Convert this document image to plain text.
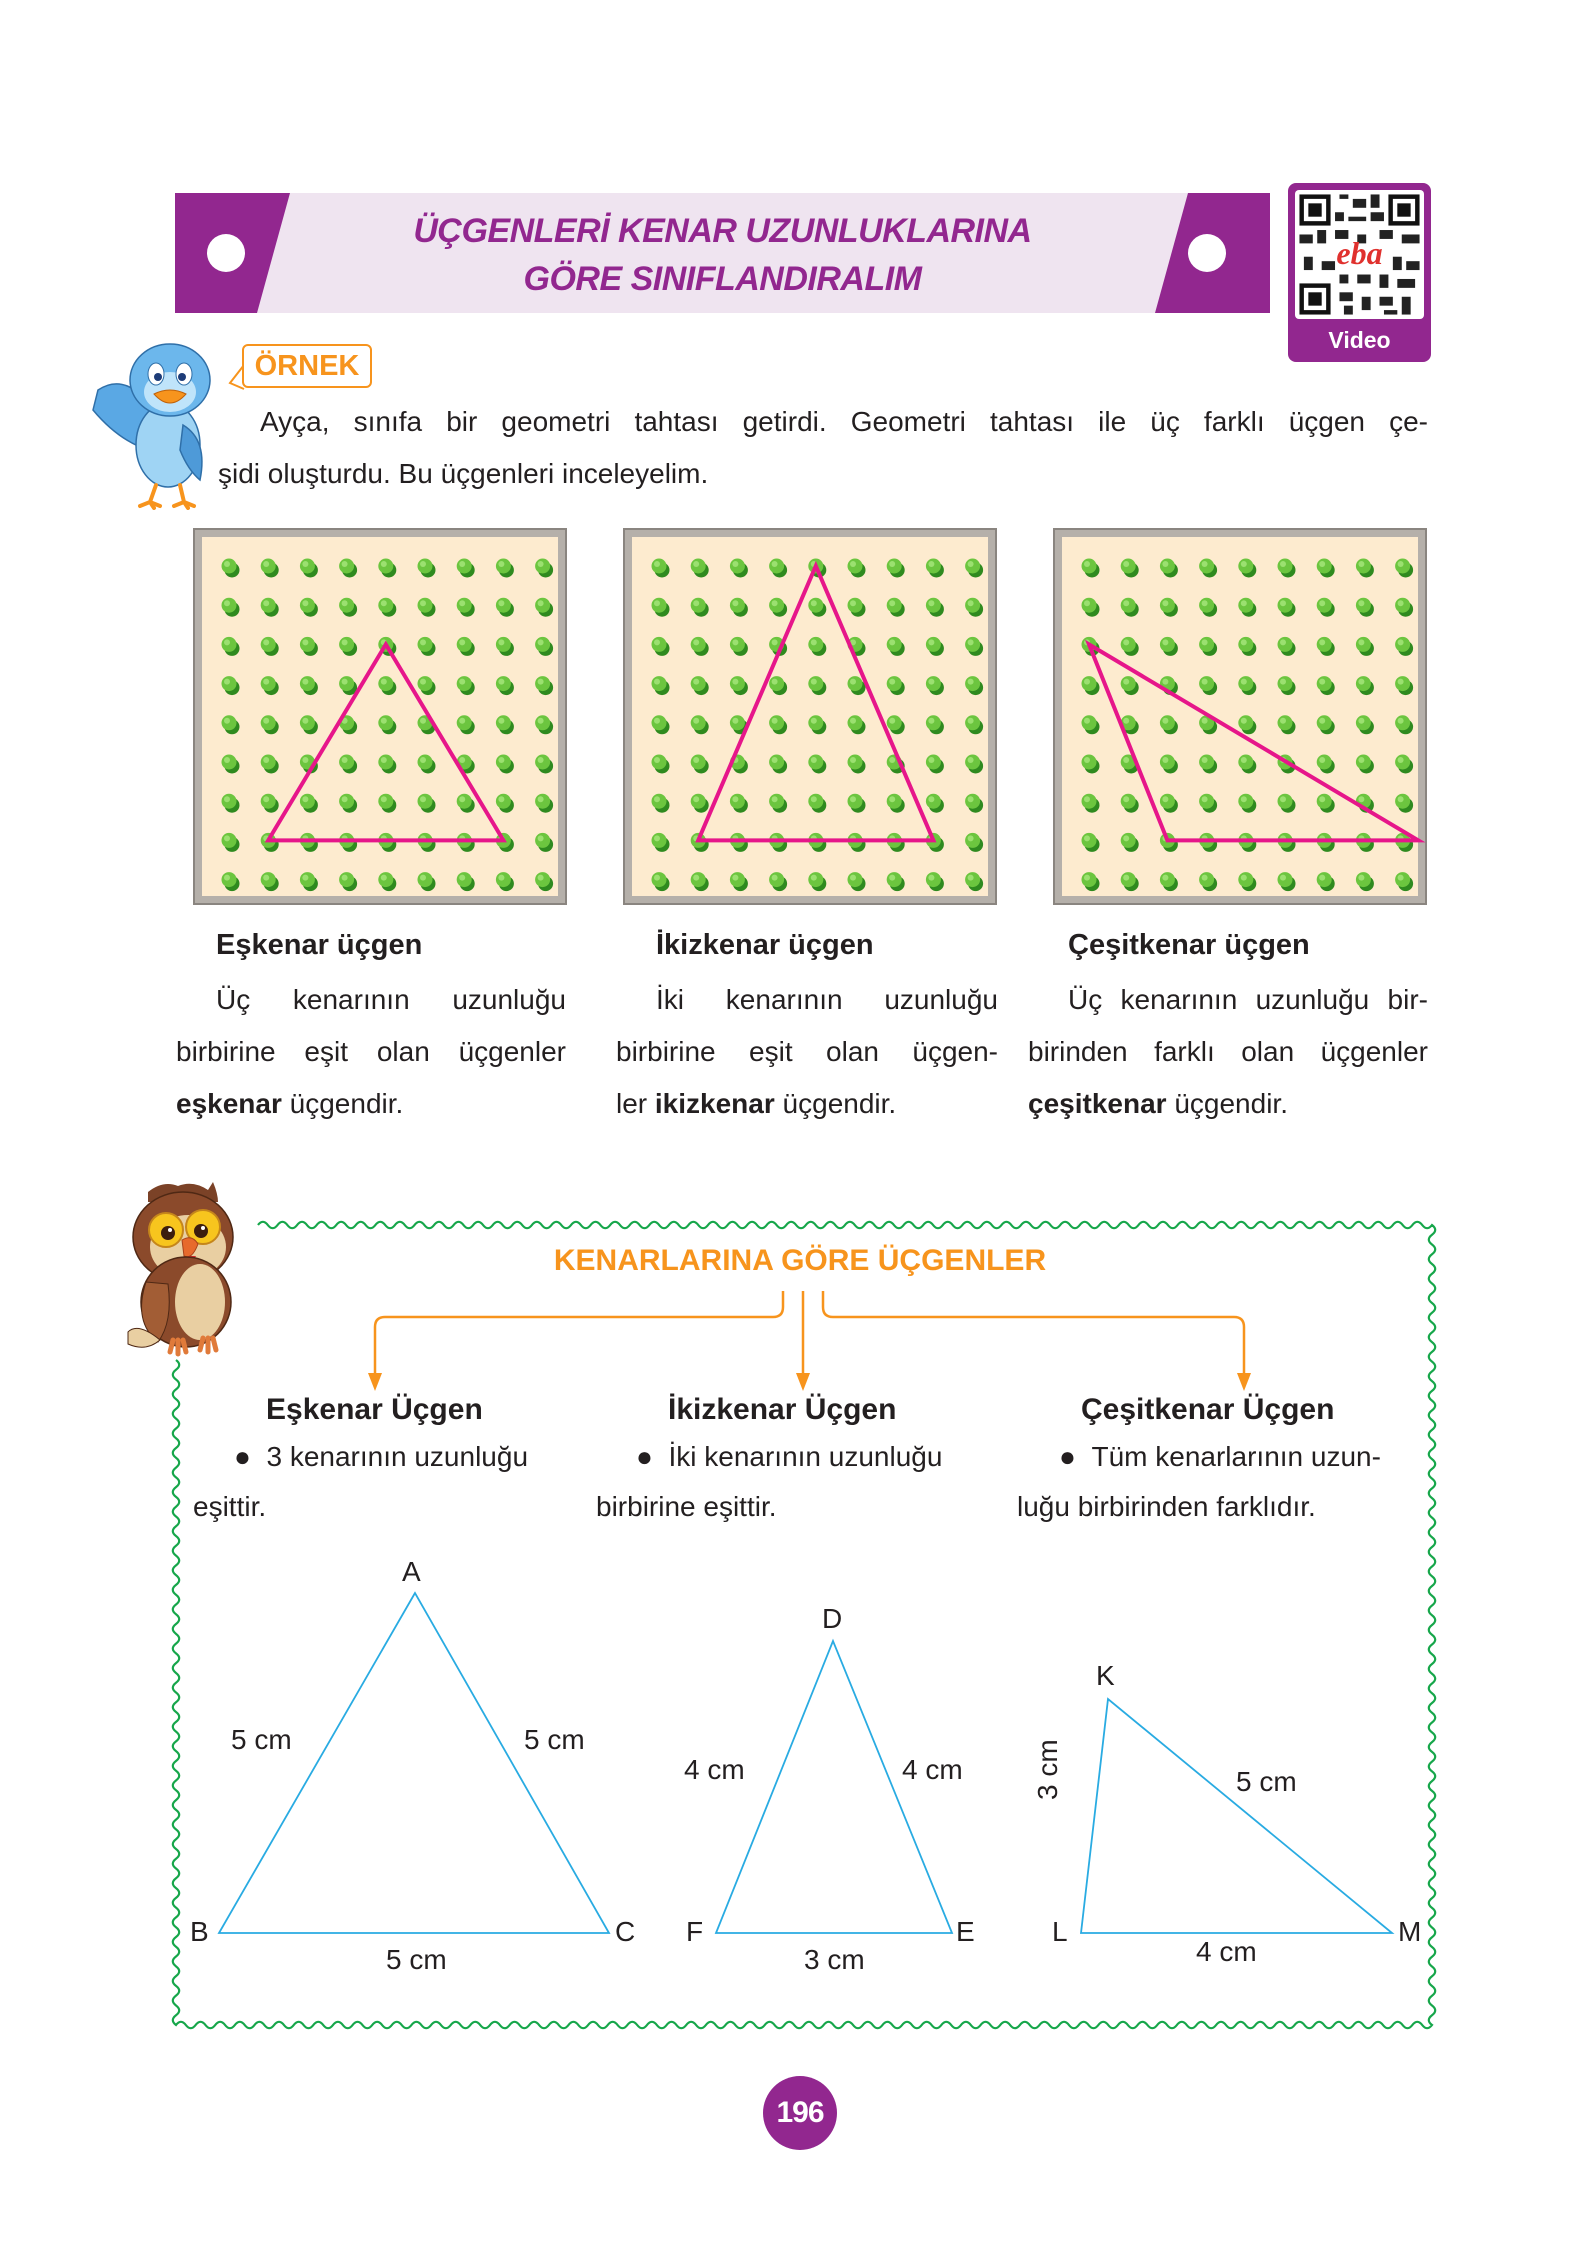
ÜÇGENLERİ KENAR UZUNLUKLARINA
GÖRE SINIFLANDIRALIM
eba
Video
ÖRNEK
Ayça, sınıfa bir geometri tahtası getirdi. Geometri tahtası ile üç farklı üçgen çe-
şidi oluşturdu. Bu üçgenleri inceleyelim.
Eşkenar üçgen

Üç kenarının uzunluğu
birbirine eşit olan üçgenler
eşkenar üçgendir.

İkizkenar üçgen

İki kenarının uzunluğu
birbirine eşit olan üçgen-
ler ikizkenar üçgendir.

Çeşitkenar üçgen

Üç kenarının uzunluğu bir-
birinden farklı olan üçgenler
çeşitkenar üçgendir.

KENARLARINA GÖRE ÜÇGENLER
Eşkenar Üçgen
●  3 kenarının uzunluğu
eşittir.
İkizkenar Üçgen
●  İki kenarının uzunluğu
birbirine eşittir.
Çeşitkenar Üçgen
●  Tüm kenarlarının uzun-
luğu birbirinden farklıdır.
A
B	C
5 cm	5 cm
5 cm
D
F	E
4 cm	4 cm
3 cm
K
L	M
3 cm	5 cm
4 cm
196
